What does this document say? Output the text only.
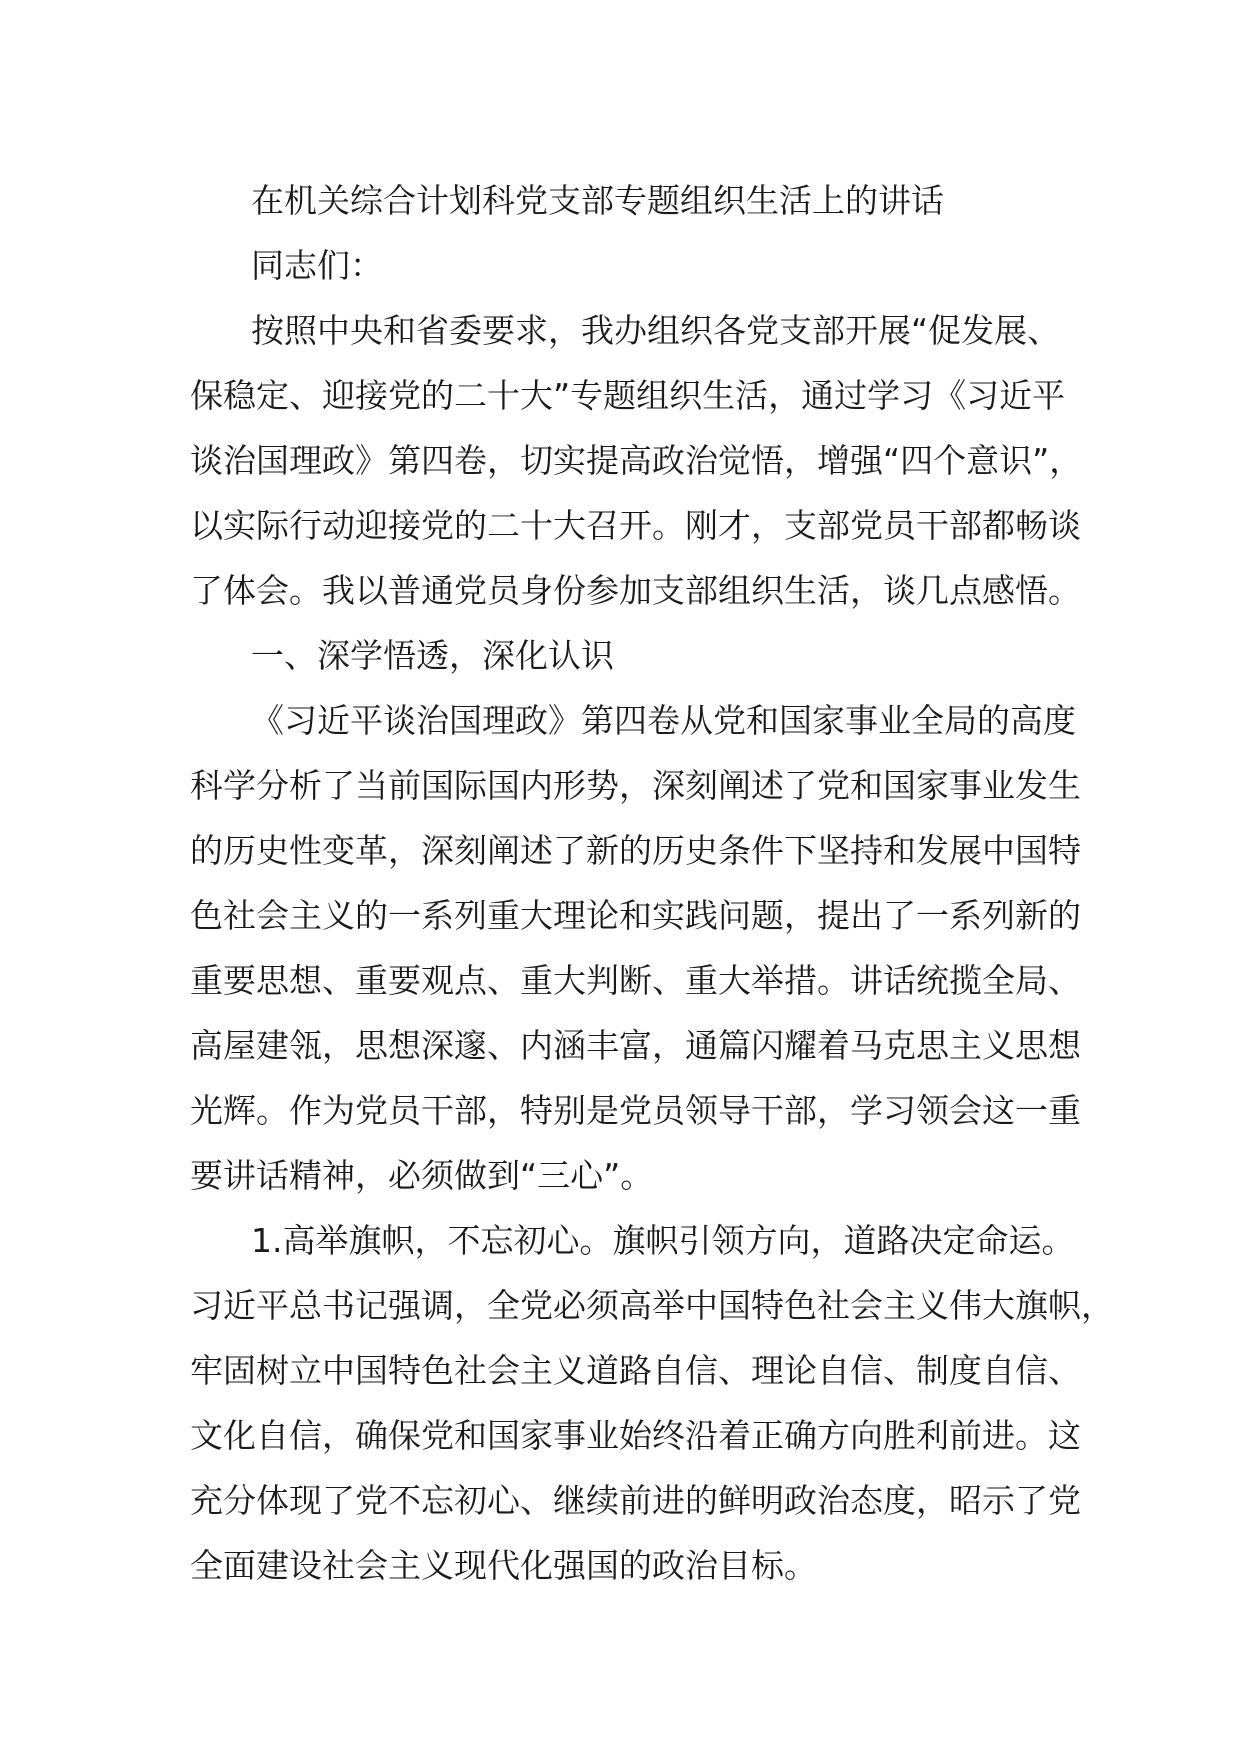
在机关综合计划科党支部专题组织生活上的讲话
同志们：
按照中央和省委要求，我办组织各党支部开展“促发展、
保稳定、迎接党的二十大”专题组织生活，通过学习《习近平
谈治国理政》第四卷，切实提高政治觉悟，增强“四个意识”，
以实际行动迎接党的二十大召开。刚才，支部党员干部都畅谈
了体会。我以普通党员身份参加支部组织生活，谈几点感悟。
一、深学悟透，深化认识
《习近平谈治国理政》第四卷从党和国家事业全局的高度
科学分析了当前国际国内形势，深刻阐述了党和国家事业发生
的历史性变革，深刻阐述了新的历史条件下坚持和发展中国特
色社会主义的一系列重大理论和实践问题，提出了一系列新的
重要思想、重要观点、重大判断、重大举措。讲话统揽全局、
高屋建瓴，思想深邃、内涵丰富，通篇闪耀着马克思主义思想
光辉。作为党员干部，特别是党员领导干部，学习领会这一重
要讲话精神，必须做到“三心”。
1.高举旗帜，不忘初心。旗帜引领方向，道路决定命运。
习近平总书记强调，全党必须高举中国特色社会主义伟大旗帜，
牢固树立中国特色社会主义道路自信、理论自信、制度自信、
文化自信，确保党和国家事业始终沿着正确方向胜利前进。这
充分体现了党不忘初心、继续前进的鲜明政治态度，昭示了党
全面建设社会主义现代化强国的政治目标。
